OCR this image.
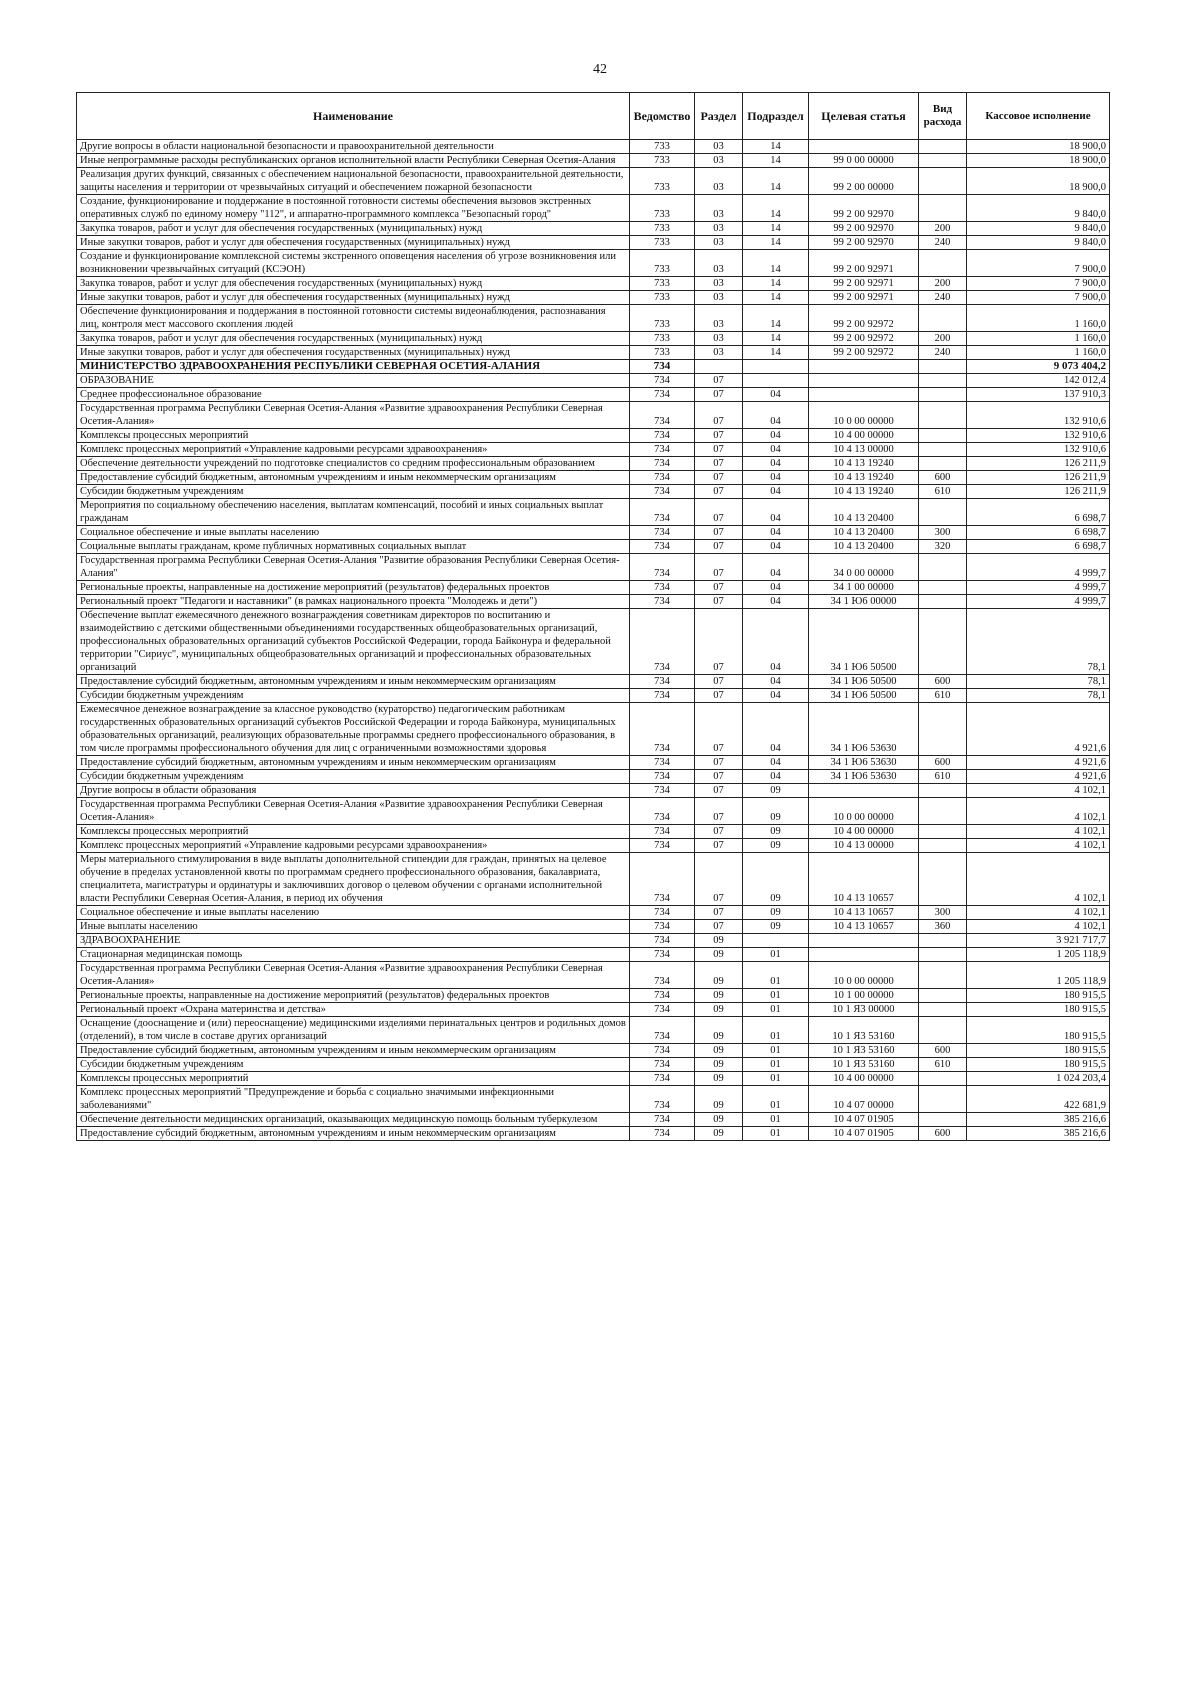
42
Наименование	Ведомство	Раздел	Подраздел	Целевая статья	Вид расхода	Кассовое исполнение
Другие вопросы в области национальной безопасности и правоохранительной деятельности	733	03	14			18 900,0
Иные непрограммные расходы республиканских органов исполнительной власти Республики Северная Осетия-Алания	733	03	14	99 0 00 00000		18 900,0
Реализация других функций, связанных с обеспечением национальной безопасности, правоохранительной деятельности, защиты населения и территории от чрезвычайных ситуаций и обеспечением пожарной безопасности	733	03	14	99 2 00 00000		18 900,0
Создание, функционирование и поддержание в постоянной готовности системы обеспечения вызовов экстренных оперативных служб по единому номеру "112", и аппаратно-программного комплекса "Безопасный город"	733	03	14	99 2 00 92970		9 840,0
Закупка товаров, работ и услуг для обеспечения государственных (муниципальных) нужд	733	03	14	99 2 00 92970	200	9 840,0
Иные закупки товаров, работ и услуг для обеспечения государственных (муниципальных) нужд	733	03	14	99 2 00 92970	240	9 840,0
Создание и функционирование комплексной системы экстренного оповещения населения об угрозе возникновения или возникновении чрезвычайных ситуаций (КСЭОН)	733	03	14	99 2 00 92971		7 900,0
Закупка товаров, работ и услуг для обеспечения государственных (муниципальных) нужд	733	03	14	99 2 00 92971	200	7 900,0
Иные закупки товаров, работ и услуг для обеспечения государственных (муниципальных) нужд	733	03	14	99 2 00 92971	240	7 900,0
Обеспечение функционирования и поддержания в постоянной готовности системы видеонаблюдения, распознавания лиц, контроля мест массового скопления людей	733	03	14	99 2 00 92972		1 160,0
Закупка товаров, работ и услуг для обеспечения государственных (муниципальных) нужд	733	03	14	99 2 00 92972	200	1 160,0
Иные закупки товаров, работ и услуг для обеспечения государственных (муниципальных) нужд	733	03	14	99 2 00 92972	240	1 160,0
МИНИСТЕРСТВО ЗДРАВООХРАНЕНИЯ РЕСПУБЛИКИ СЕВЕРНАЯ ОСЕТИЯ-АЛАНИЯ	734					9 073 404,2
ОБРАЗОВАНИЕ	734	07				142 012,4
Среднее профессиональное образование	734	07	04			137 910,3
Государственная программа Республики Северная Осетия-Алания «Развитие здравоохранения Республики Северная Осетия-Алания»	734	07	04	10 0 00 00000		132 910,6
Комплексы процессных мероприятий	734	07	04	10 4 00 00000		132 910,6
Комплекс процессных мероприятий «Управление кадровыми ресурсами здравоохранения»	734	07	04	10 4 13 00000		132 910,6
Обеспечение деятельности учреждений по подготовке специалистов со средним профессиональным образованием	734	07	04	10 4 13 19240		126 211,9
Предоставление субсидий бюджетным, автономным учреждениям и иным некоммерческим организациям	734	07	04	10 4 13 19240	600	126 211,9
Субсидии бюджетным учреждениям	734	07	04	10 4 13 19240	610	126 211,9
Мероприятия по социальному обеспечению населения, выплатам компенсаций, пособий и иных социальных выплат гражданам	734	07	04	10 4 13 20400		6 698,7
Социальное обеспечение и иные выплаты населению	734	07	04	10 4 13 20400	300	6 698,7
Социальные выплаты гражданам, кроме публичных нормативных социальных выплат	734	07	04	10 4 13 20400	320	6 698,7
Государственная программа Республики Северная Осетия-Алания "Развитие образования Республики Северная Осетия-Алания"	734	07	04	34 0 00 00000		4 999,7
Региональные проекты, направленные на достижение мероприятий (результатов) федеральных проектов	734	07	04	34 1 00 00000		4 999,7
Региональный проект "Педагоги и наставники" (в рамках национального проекта "Молодежь и дети")	734	07	04	34 1 Ю6 00000		4 999,7
Обеспечение выплат ежемесячного денежного вознаграждения советникам директоров по воспитанию и взаимодействию с детскими общественными объединениями государственных общеобразовательных организаций, профессиональных образовательных организаций субъектов Российской Федерации, города Байконура и федеральной территории "Сириус", муниципальных общеобразовательных организаций и профессиональных образовательных организаций	734	07	04	34 1 Ю6 50500		78,1
Предоставление субсидий бюджетным, автономным учреждениям и иным некоммерческим организациям	734	07	04	34 1 Ю6 50500	600	78,1
Субсидии бюджетным учреждениям	734	07	04	34 1 Ю6 50500	610	78,1
Ежемесячное денежное вознаграждение за классное руководство (кураторство) педагогическим работникам государственных образовательных организаций субъектов Российской Федерации и города Байконура, муниципальных образовательных организаций, реализующих образовательные программы среднего профессионального образования, в том числе программы профессионального обучения для лиц с ограниченными возможностями здоровья	734	07	04	34 1 Ю6 53630		4 921,6
Предоставление субсидий бюджетным, автономным учреждениям и иным некоммерческим организациям	734	07	04	34 1 Ю6 53630	600	4 921,6
Субсидии бюджетным учреждениям	734	07	04	34 1 Ю6 53630	610	4 921,6
Другие вопросы в области образования	734	07	09			4 102,1
Государственная программа Республики Северная Осетия-Алания «Развитие здравоохранения Республики Северная Осетия-Алания»	734	07	09	10 0 00 00000		4 102,1
Комплексы процессных мероприятий	734	07	09	10 4 00 00000		4 102,1
Комплекс процессных мероприятий «Управление кадровыми ресурсами здравоохранения»	734	07	09	10 4 13 00000		4 102,1
Меры материального стимулирования в виде выплаты дополнительной стипендии для граждан, принятых на целевое обучение в пределах установленной квоты по программам среднего профессионального образования, бакалавриата, специалитета, магистратуры и ординатуры и заключивших договор о целевом обучении с органами исполнительной власти Республики Северная Осетия-Алания, в период их обучения	734	07	09	10 4 13 10657		4 102,1
Социальное обеспечение и иные выплаты населению	734	07	09	10 4 13 10657	300	4 102,1
Иные выплаты населению	734	07	09	10 4 13 10657	360	4 102,1
ЗДРАВООХРАНЕНИЕ	734	09				3 921 717,7
Стационарная медицинская помощь	734	09	01			1 205 118,9
Государственная программа Республики Северная Осетия-Алания «Развитие здравоохранения Республики Северная Осетия-Алания»	734	09	01	10 0 00 00000		1 205 118,9
Региональные проекты, направленные на достижение мероприятий (результатов) федеральных проектов	734	09	01	10 1 00 00000		180 915,5
Региональный проект «Охрана материнства и детства»	734	09	01	10 1 Я3 00000		180 915,5
Оснащение (дооснащение и (или) переоснащение) медицинскими изделиями перинатальных центров и родильных домов (отделений), в том числе в составе других организаций	734	09	01	10 1 Я3 53160		180 915,5
Предоставление субсидий бюджетным, автономным учреждениям и иным некоммерческим организациям	734	09	01	10 1 Я3 53160	600	180 915,5
Субсидии бюджетным учреждениям	734	09	01	10 1 Я3 53160	610	180 915,5
Комплексы процессных мероприятий	734	09	01	10 4 00 00000		1 024 203,4
Комплекс процессных мероприятий "Предупреждение и борьба с социально значимыми инфекционными заболеваниями"	734	09	01	10 4 07 00000		422 681,9
Обеспечение деятельности медицинских организаций, оказывающих медицинскую помощь больным туберкулезом	734	09	01	10 4 07 01905		385 216,6
Предоставление субсидий бюджетным, автономным учреждениям и иным некоммерческим организациям	734	09	01	10 4 07 01905	600	385 216,6
